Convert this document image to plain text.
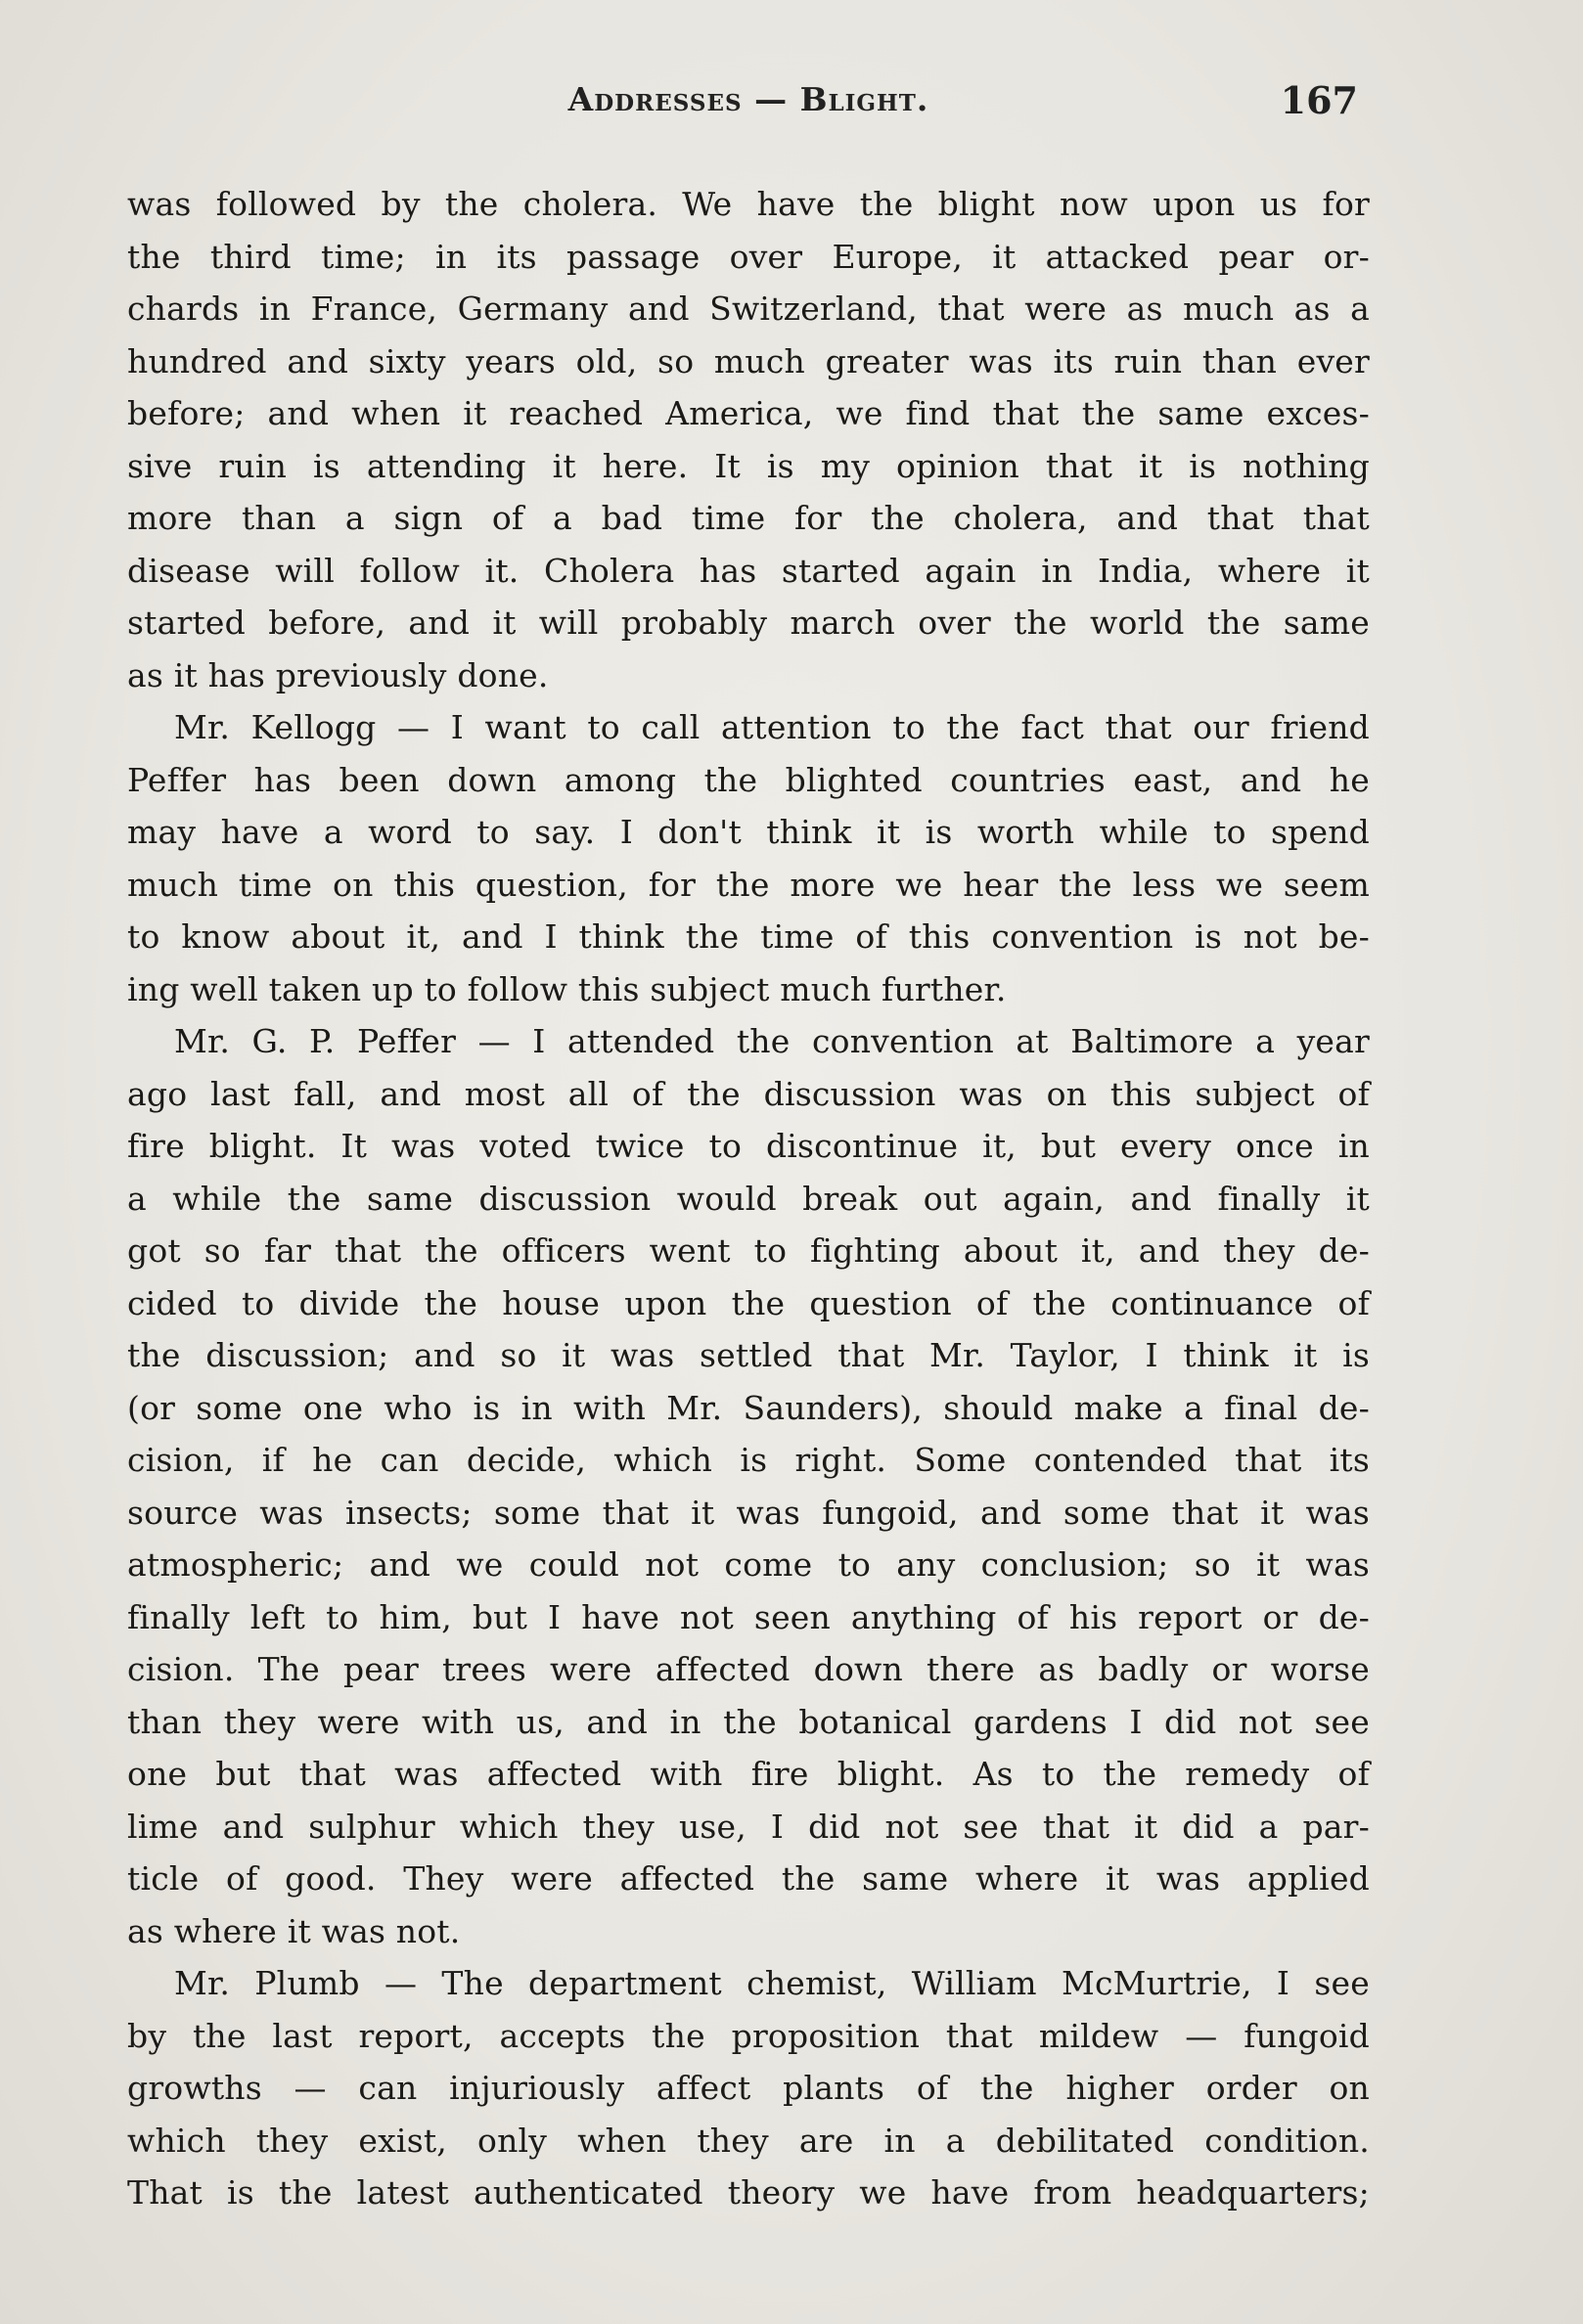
Addresses — Blight.	167
was followed by the cholera. We have the blight now upon us for
the third time; in its passage over Europe, it attacked pear or-
chards in France, Germany and Switzerland, that were as much as a
hundred and sixty years old, so much greater was its ruin than ever
before; and when it reached America, we find that the same exces-
sive ruin is attending it here. It is my opinion that it is nothing
more than a sign of a bad time for the cholera, and that that
disease will follow it. Cholera has started again in India, where it
started before, and it will probably march over the world the same
as it has previously done.
Mr. Kellogg — I want to call attention to the fact that our friend
Peffer has been down among the blighted countries east, and he
may have a word to say. I don't think it is worth while to spend
much time on this question, for the more we hear the less we seem
to know about it, and I think the time of this convention is not be-
ing well taken up to follow this subject much further.
Mr. G. P. Peffer — I attended the convention at Baltimore a year
ago last fall, and most all of the discussion was on this subject of
fire blight. It was voted twice to discontinue it, but every once in
a while the same discussion would break out again, and finally it
got so far that the officers went to fighting about it, and they de-
cided to divide the house upon the question of the continuance of
the discussion; and so it was settled that Mr. Taylor, I think it is
(or some one who is in with Mr. Saunders), should make a final de-
cision, if he can decide, which is right. Some contended that its
source was insects; some that it was fungoid, and some that it was
atmospheric; and we could not come to any conclusion; so it was
finally left to him, but I have not seen anything of his report or de-
cision. The pear trees were affected down there as badly or worse
than they were with us, and in the botanical gardens I did not see
one but that was affected with fire blight. As to the remedy of
lime and sulphur which they use, I did not see that it did a par-
ticle of good. They were affected the same where it was applied
as where it was not.
Mr. Plumb — The department chemist, William McMurtrie, I see
by the last report, accepts the proposition that mildew — fungoid
growths — can injuriously affect plants of the higher order on
which they exist, only when they are in a debilitated condition.
That is the latest authenticated theory we have from headquarters;
